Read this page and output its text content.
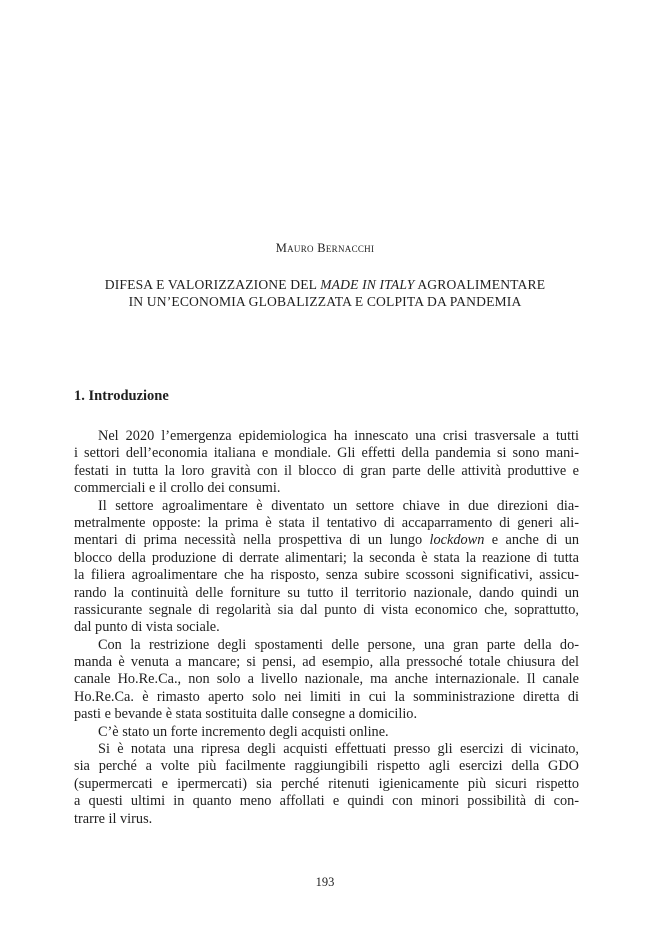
Mauro Bernacchi
DIFESA E VALORIZZAZIONE DEL MADE IN ITALY AGROALIMENTARE
IN UN’ECONOMIA GLOBALIZZATA E COLPITA DA PANDEMIA
1. Introduzione
Nel 2020 l’emergenza epidemiologica ha innescato una crisi trasversale a tutti
i settori dell’economia italiana e mondiale. Gli effetti della pandemia si sono mani-
festati in tutta la loro gravità con il blocco di gran parte delle attività produttive e
commerciali e il crollo dei consumi.
Il settore agroalimentare è diventato un settore chiave in due direzioni dia-
metralmente opposte: la prima è stata il tentativo di accaparramento di generi ali-
mentari di prima necessità nella prospettiva di un lungo lockdown e anche di un
blocco della produzione di derrate alimentari; la seconda è stata la reazione di tutta
la filiera agroalimentare che ha risposto, senza subire scossoni significativi, assicu-
rando la continuità delle forniture su tutto il territorio nazionale, dando quindi un
rassicurante segnale di regolarità sia dal punto di vista economico che, soprattutto,
dal punto di vista sociale.
Con la restrizione degli spostamenti delle persone, una gran parte della do-
manda è venuta a mancare; si pensi, ad esempio, alla pressoché totale chiusura del
canale Ho.Re.Ca., non solo a livello nazionale, ma anche internazionale. Il canale
Ho.Re.Ca. è rimasto aperto solo nei limiti in cui la somministrazione diretta di
pasti e bevande è stata sostituita dalle consegne a domicilio.
C’è stato un forte incremento degli acquisti online.
Si è notata una ripresa degli acquisti effettuati presso gli esercizi di vicinato,
sia perché a volte più facilmente raggiungibili rispetto agli esercizi della GDO
(supermercati e ipermercati) sia perché ritenuti igienicamente più sicuri rispetto
a questi ultimi in quanto meno affollati e quindi con minori possibilità di con-
trarre il virus.
193
